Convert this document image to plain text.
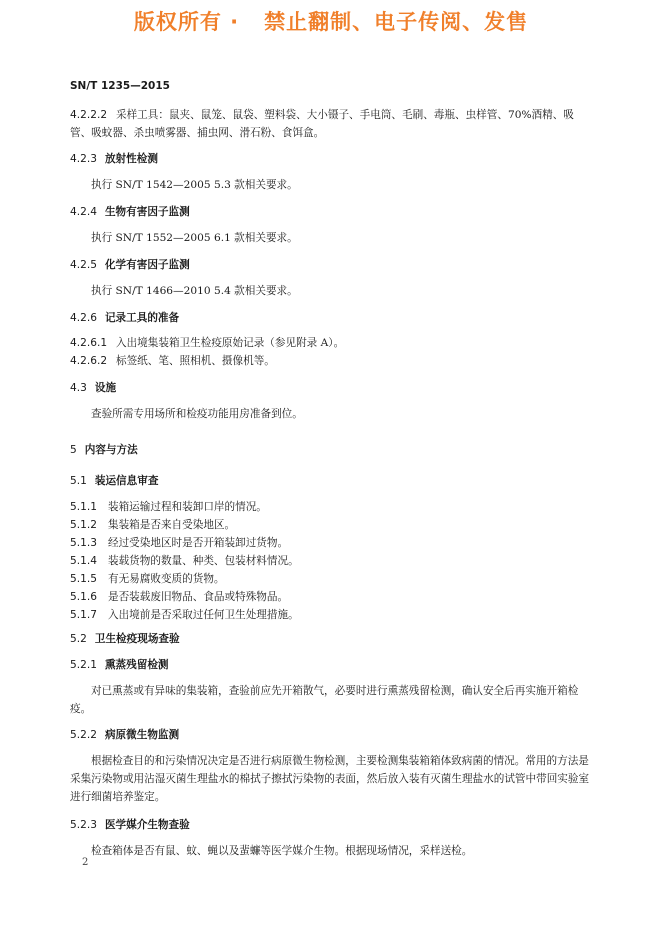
版权所有 ·   禁止翻制、电子传阅、发售
SN/T 1235—2015
4.2.2.2 采样工具：鼠夹、鼠笼、鼠袋、塑料袋、大小镊子、手电筒、毛刷、毒瓶、虫样管、70%酒精、吸管、吸蚊器、杀虫喷雾器、捕虫网、滑石粉、食饵盒。
4.2.3 放射性检测
执行 SN/T 1542—2005 5.3 款相关要求。
4.2.4 生物有害因子监测
执行 SN/T 1552—2005 6.1 款相关要求。
4.2.5 化学有害因子监测
执行 SN/T 1466—2010 5.4 款相关要求。
4.2.6 记录工具的准备
4.2.6.1 入出境集装箱卫生检疫原始记录（参见附录 A）。
4.2.6.2 标签纸、笔、照相机、摄像机等。
4.3 设施
查验所需专用场所和检疫功能用房准备到位。
5 内容与方法
5.1 装运信息审查
5.1.1 装箱运输过程和装卸口岸的情况。
5.1.2 集装箱是否来自受染地区。
5.1.3 经过受染地区时是否开箱装卸过货物。
5.1.4 装载货物的数量、种类、包装材料情况。
5.1.5 有无易腐败变质的货物。
5.1.6 是否装载废旧物品、食品或特殊物品。
5.1.7 入出境前是否采取过任何卫生处理措施。
5.2 卫生检疫现场查验
5.2.1 熏蒸残留检测
对已熏蒸或有异味的集装箱，查验前应先开箱散气，必要时进行熏蒸残留检测，确认安全后再实施开箱检疫。
5.2.2 病原微生物监测
根据检查目的和污染情况决定是否进行病原微生物检测，主要检测集装箱箱体致病菌的情况。常用的方法是采集污染物或用沾湿灭菌生理盐水的棉拭子擦拭污染物的表面，然后放入装有灭菌生理盐水的试管中带回实验室进行细菌培养鉴定。
5.2.3 医学媒介生物查验
检查箱体是否有鼠、蚊、蝇以及蜚蠊等医学媒介生物。根据现场情况，采样送检。
2
